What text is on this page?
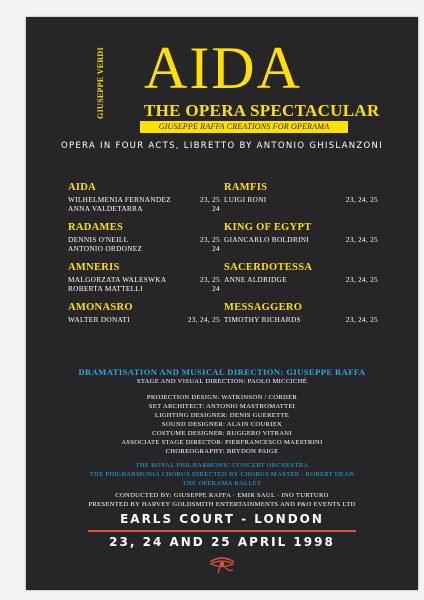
GIUSEPPE VERDI AIDA
THE OPERA SPECTACULAR
GIUSEPPE RAFFA CREATIONS FOR OPERAMA
OPERA IN FOUR ACTS, LIBRETTO BY ANTONIO GHISLANZONI
AIDA
WILHELMENIA FERNANDEZ	23, 25
ANNA VALDETARRA	24
RADAMES
DENNIS O'NEILL	23, 25
ANTONIO ORDONEZ	24
AMNERIS
MALGORZATA WALESWKA	23, 25
ROBERTA MATTELLI	24
AMONASRO
WALTER DONATI	23, 24, 25
RAMFIS
LUIGI RONI	23, 24, 25
KING OF EGYPT
GIANCARLO BOLDRINI	23, 24, 25
SACERDOTESSA
ANNE ALDRIDGE	23, 24, 25
MESSAGGERO
TIMOTHY RICHARDS	23, 24, 25
DRAMATISATION AND MUSICAL DIRECTION: GIUSEPPE RAFFA
STAGE AND VISUAL DIRECTION: PAOLO MICCICHÈ
PROJECTION DESIGN: WATKINSON / CORDER
SET ARCHITECT: ANTONIO MASTROMATTEI
LIGHTING DESIGNER: DENIS GUERETTE
SOUND DESIGNER: ALAIN COURIEX
COSTUME DESIGNER: RUGGERO VITRANI
ASSOCIATE STAGE DIRECTOR: PIERFRANCESCO MAESTRINI
CHOREOGRAPHY: BRYDON PAIGE
THE ROYAL PHILHARMONIC CONCERT ORCHESTRA
THE PHILHARMONIA CHORUS DIRECTED BY CHORUS MASTER : ROBERT DEAN
THE OPERAMA BALLET
CONDUCTED BY: GIUSEPPE RAFFA · EMIR SAUL · INO TURTURO
PRESENTED BY HARVEY GOLDSMITH ENTERTAINMENTS AND P&O EVENTS LTD
EARLS COURT - LONDON
23, 24 AND 25 APRIL 1998
